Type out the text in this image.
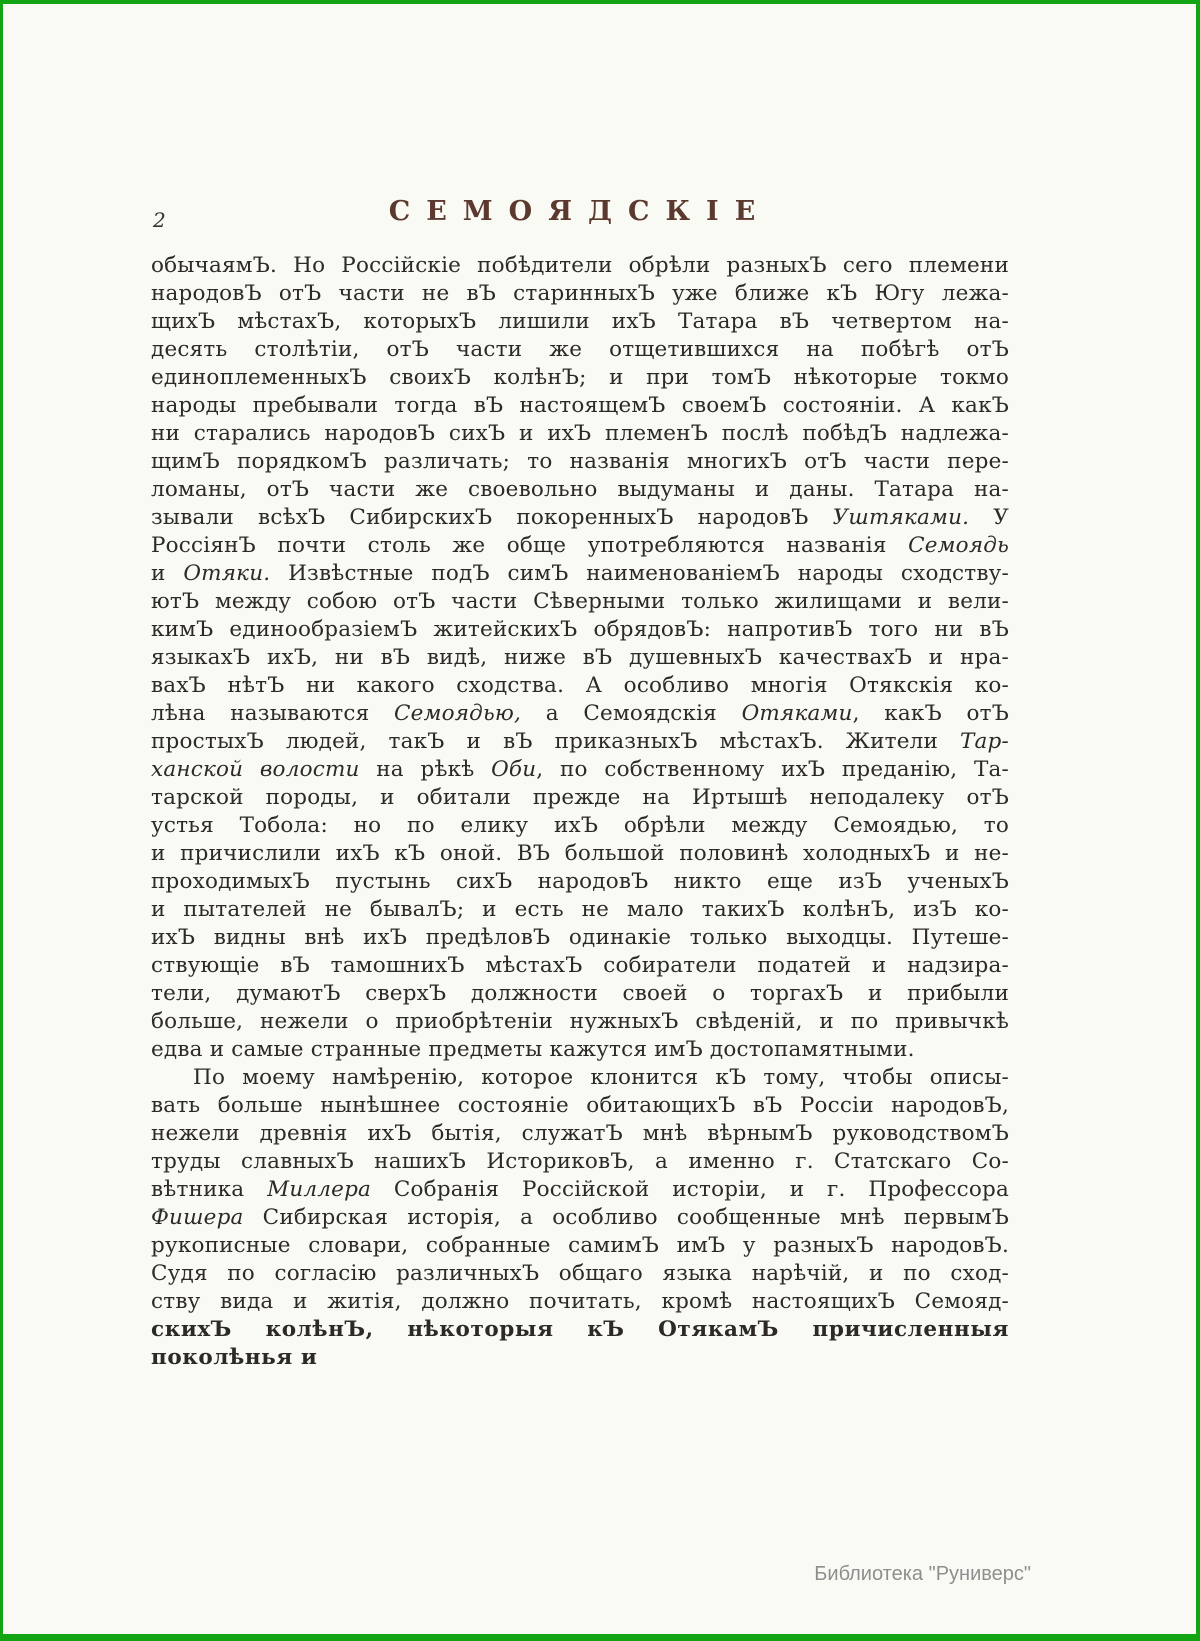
2	СЕМОЯДСКІЕ
обычаямЪ. Но Россійскіе побѣдители обрѣли разныхЪ сего племени
народовЪ отЪ части не вЪ старинныхЪ уже ближе кЪ Югу лежа-
щихЪ мѣстахЪ, которыхЪ лишили ихЪ Татара вЪ четвертом на-
десять столѣтіи, отЪ части же отщетившихся на побѣгѣ отЪ
единоплеменныхЪ своихЪ колѣнЪ; и при томЪ нѣкоторые токмо
народы пребывали тогда вЪ настоящемЪ своемЪ состояніи. А какЪ
ни старались народовЪ сихЪ и ихЪ племенЪ послѣ побѣдЪ надлежа-
щимЪ порядкомЪ различать; то названія многихЪ отЪ части пере-
ломаны, отЪ части же своевольно выдуманы и даны. Татара на-
зывали всѣхЪ СибирскихЪ покоренныхЪ народовЪ Уштяками. У
РоссіянЪ почти столь же обще употребляются названія Семоядь
и Отяки. Извѣстные подЪ симЪ наименованіемЪ народы сходству-
ютЪ между собою отЪ части Сѣверными только жилищами и вели-
кимЪ единообразіемЪ житейскихЪ обрядовЪ: напротивЪ того ни вЪ
языкахЪ ихЪ, ни вЪ видѣ, ниже вЪ душевныхЪ качествахЪ и нра-
вахЪ нѣтЪ ни какого сходства. А особливо многія Отякскія ко-
лѣна называются Семоядью, а Семоядскія Отяками, какЪ отЪ
простыхЪ людей, такЪ и вЪ приказныхЪ мѣстахЪ. Жители Тар-
ханской волости на рѣкѣ Оби, по собственному ихЪ преданію, Та-
тарской породы, и обитали прежде на Иртышѣ неподалеку отЪ
устья Тобола: но по елику ихЪ обрѣли между Семоядью, то
и причислили ихЪ кЪ оной. ВЪ большой половинѣ холодныхЪ и не-
проходимыхЪ пустынь сихЪ народовЪ никто еще изЪ ученыхЪ
и пытателей не бывалЪ; и есть не мало такихЪ колѣнЪ, изЪ ко-
ихЪ видны внѣ ихЪ предѣловЪ одинакіе только выходцы. Путеше-
ствующіе вЪ тамошнихЪ мѣстахЪ собиратели податей и надзира-
тели, думаютЪ сверхЪ должности своей о торгахЪ и прибыли
больше, нежели о приобрѣтеніи нужныхЪ свѣденій, и по привычкѣ
едва и самые странные предметы кажутся имЪ достопамятными.
По моему намѣренію, которое клонится кЪ тому, чтобы описы-
вать больше нынѣшнее состояніе обитающихЪ вЪ Россіи народовЪ,
нежели древнія ихЪ бытія, служатЪ мнѣ вѣрнымЪ руководствомЪ
труды славныхЪ нашихЪ ИсториковЪ, а именно г. Статскаго Со-
вѣтника Миллера Собранія Россійской исторіи, и г. Профессора
Фишера Сибирская исторія, а особливо сообщенные мнѣ первымЪ
рукописные словари, собранные самимЪ имЪ у разныхЪ народовЪ.
Судя по согласію различныхЪ общаго языка нарѣчій, и по сход-
ству вида и житія, должно почитать, кромѣ настоящихЪ Семояд-
скихЪ колѣнЪ, нѣкоторыя кЪ ОтякамЪ причисленныя поколѣнья и
Библиотека "Руниверс"
